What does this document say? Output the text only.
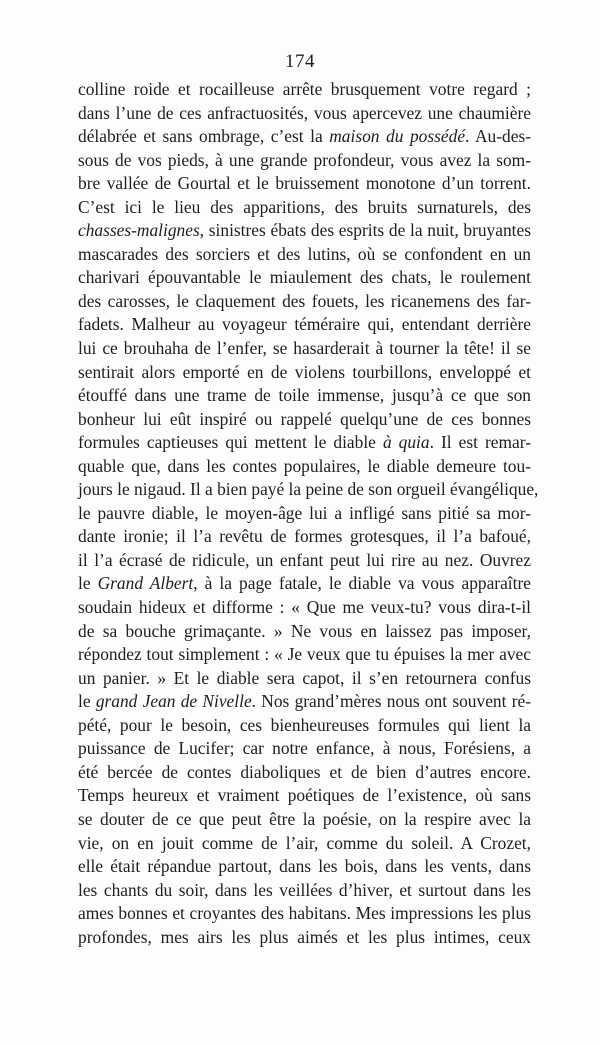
174
colline roide et rocailleuse arrête brusquement votre regard ;
dans l’une de ces anfractuosités, vous apercevez une chaumière
délabrée et sans ombrage, c’est la maison du possédé. Au-des-
sous de vos pieds, à une grande profondeur, vous avez la som-
bre vallée de Gourtal et le bruissement monotone d’un torrent.
C’est ici le lieu des apparitions, des bruits surnaturels, des
chasses-malignes, sinistres ébats des esprits de la nuit, bruyantes
mascarades des sorciers et des lutins, où se confondent en un
charivari épouvantable le miaulement des chats, le roulement
des carosses, le claquement des fouets, les ricanemens des far-
fadets. Malheur au voyageur téméraire qui, entendant derrière
lui ce brouhaha de l’enfer, se hasarderait à tourner la tête! il se
sentirait alors emporté en de violens tourbillons, enveloppé et
étouffé dans une trame de toile immense, jusqu’à ce que son
bonheur lui eût inspiré ou rappelé quelqu’une de ces bonnes
formules captieuses qui mettent le diable à quia. Il est remar-
quable que, dans les contes populaires, le diable demeure tou-
jours le nigaud. Il a bien payé la peine de son orgueil évangélique,
le pauvre diable, le moyen-âge lui a infligé sans pitié sa mor-
dante ironie; il l’a revêtu de formes grotesques, il l’a bafoué,
il l’a écrasé de ridicule, un enfant peut lui rire au nez. Ouvrez
le Grand Albert, à la page fatale, le diable va vous apparaître
soudain hideux et difforme : « Que me veux-tu? vous dira-t-il
de sa bouche grimaçante. » Ne vous en laissez pas imposer,
répondez tout simplement : « Je veux que tu épuises la mer avec
un panier. » Et le diable sera capot, il s’en retournera confus
le grand Jean de Nivelle. Nos grand’mères nous ont souvent ré-
pété, pour le besoin, ces bienheureuses formules qui lient la
puissance de Lucifer; car notre enfance, à nous, Forésiens, a
été bercée de contes diaboliques et de bien d’autres encore.
Temps heureux et vraiment poétiques de l’existence, où sans
se douter de ce que peut être la poésie, on la respire avec la
vie, on en jouit comme de l’air, comme du soleil. A Crozet,
elle était répandue partout, dans les bois, dans les vents, dans
les chants du soir, dans les veillées d’hiver, et surtout dans les
ames bonnes et croyantes des habitans. Mes impressions les plus
profondes, mes airs les plus aimés et les plus intimes, ceux
